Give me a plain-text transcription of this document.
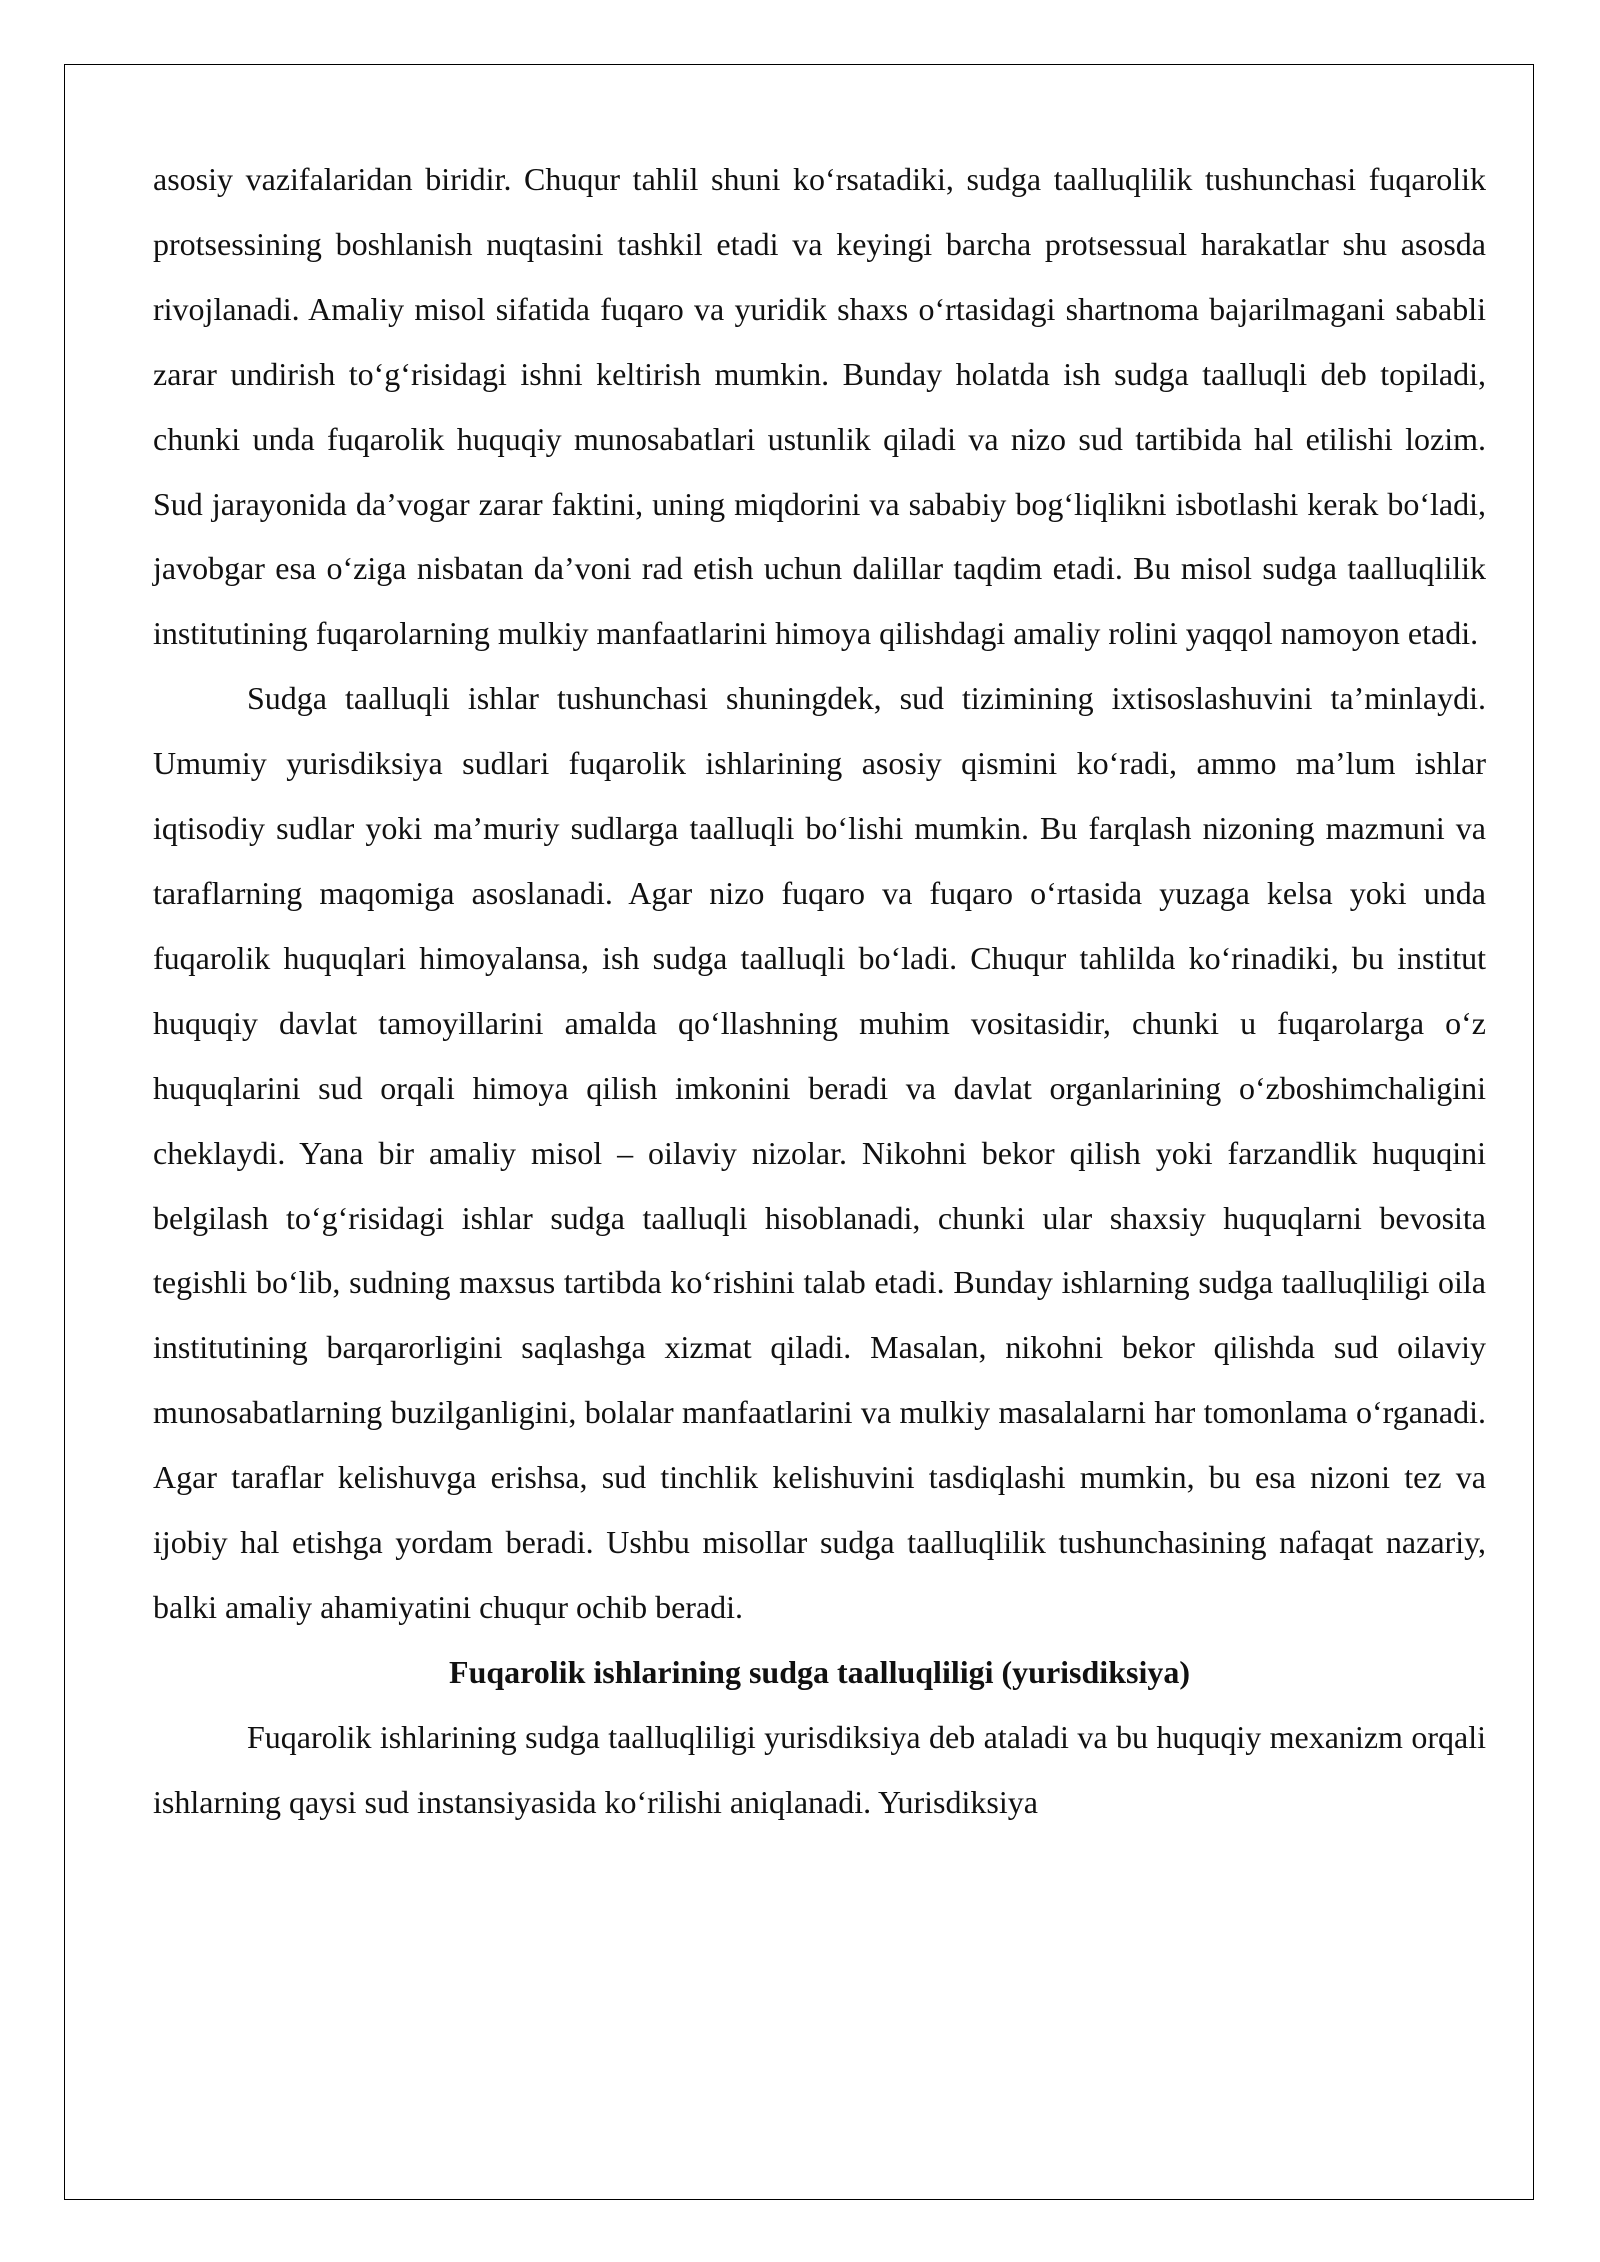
asosiy vazifalaridan biridir. Chuqur tahlil shuni ko‘rsatadiki, sudga taalluqlilik tushunchasi fuqarolik protsessining boshlanish nuqtasini tashkil etadi va keyingi barcha protsessual harakatlar shu asosda rivojlanadi. Amaliy misol sifatida fuqaro va yuridik shaxs o‘rtasidagi shartnoma bajarilmagani sababli zarar undirish to‘g‘risidagi ishni keltirish mumkin. Bunday holatda ish sudga taalluqli deb topiladi, chunki unda fuqarolik huquqiy munosabatlari ustunlik qiladi va nizo sud tartibida hal etilishi lozim. Sud jarayonida da’vogar zarar faktini, uning miqdorini va sababiy bog‘liqlikni isbotlashi kerak bo‘ladi, javobgar esa o‘ziga nisbatan da’voni rad etish uchun dalillar taqdim etadi. Bu misol sudga taalluqlilik institutining fuqarolarning mulkiy manfaatlarini himoya qilishdagi amaliy rolini yaqqol namoyon etadi.

Sudga taalluqli ishlar tushunchasi shuningdek, sud tizimining ixtisoslashuvini ta’minlaydi. Umumiy yurisdiksiya sudlari fuqarolik ishlarining asosiy qismini ko‘radi, ammo ma’lum ishlar iqtisodiy sudlar yoki ma’muriy sudlarga taalluqli bo‘lishi mumkin. Bu farqlash nizoning mazmuni va taraflarning maqomiga asoslanadi. Agar nizo fuqaro va fuqaro o‘rtasida yuzaga kelsa yoki unda fuqarolik huquqlari himoyalansa, ish sudga taalluqli bo‘ladi. Chuqur tahlilda ko‘rinadiki, bu institut huquqiy davlat tamoyillarini amalda qo‘llashning muhim vositasidir, chunki u fuqarolarga o‘z huquqlarini sud orqali himoya qilish imkonini beradi va davlat organlarining o‘zboshimchaligini cheklaydi. Yana bir amaliy misol – oilaviy nizolar. Nikohni bekor qilish yoki farzandlik huquqini belgilash to‘g‘risidagi ishlar sudga taalluqli hisoblanadi, chunki ular shaxsiy huquqlarni bevosita tegishli bo‘lib, sudning maxsus tartibda ko‘rishini talab etadi. Bunday ishlarning sudga taalluqliligi oila institutining barqarorligini saqlashga xizmat qiladi. Masalan, nikohni bekor qilishda sud oilaviy munosabatlarning buzilganligini, bolalar manfaatlarini va mulkiy masalalarni har tomonlama o‘rganadi. Agar taraflar kelishuvga erishsa, sud tinchlik kelishuvini tasdiqlashi mumkin, bu esa nizoni tez va ijobiy hal etishga yordam beradi. Ushbu misollar sudga taalluqlilik tushunchasining nafaqat nazariy, balki amaliy ahamiyatini chuqur ochib beradi.

Fuqarolik ishlarining sudga taalluqliligi (yurisdiksiya)

Fuqarolik ishlarining sudga taalluqliligi yurisdiksiya deb ataladi va bu huquqiy mexanizm orqali ishlarning qaysi sud instansiyasida ko‘rilishi aniqlanadi. Yurisdiksiya
